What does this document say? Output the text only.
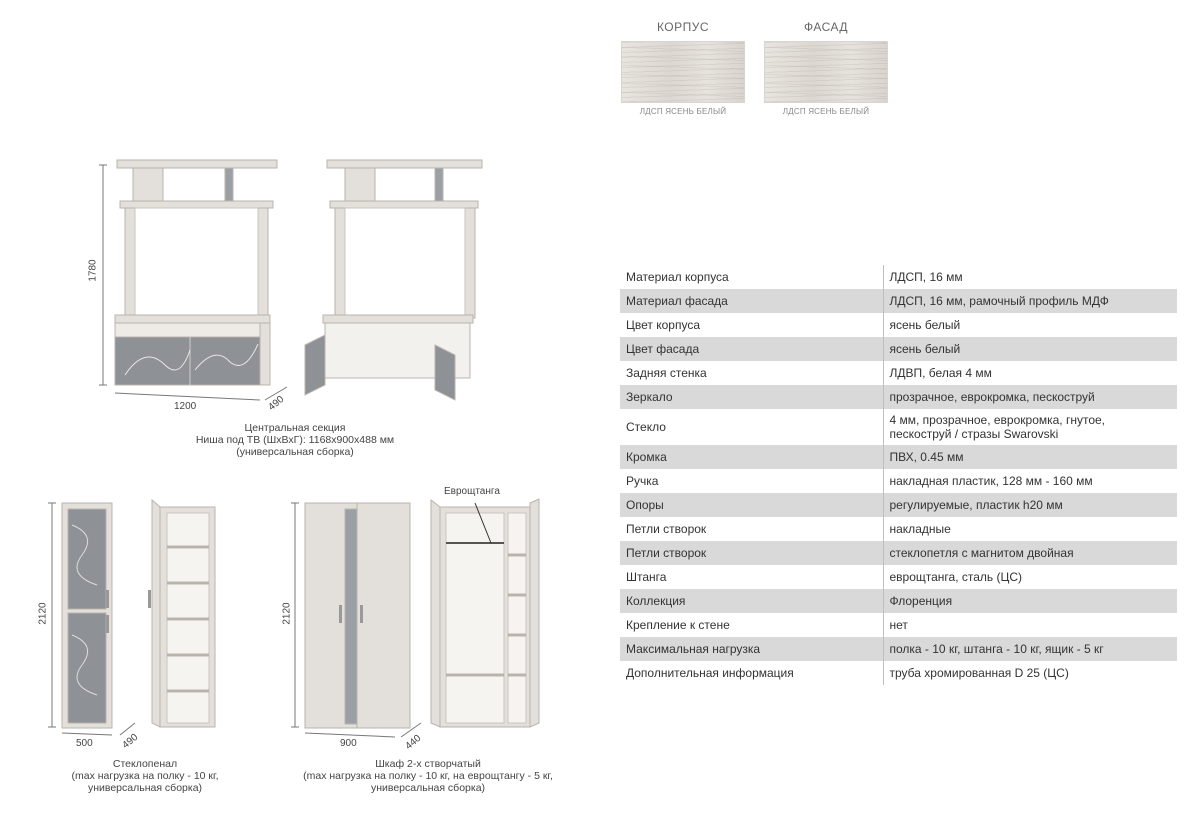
КОРПУС
ЛДСП ЯСЕНЬ БЕЛЫЙ
ФАСАД
ЛДСП ЯСЕНЬ БЕЛЫЙ
1780
1200	490
Центральная секция
Ниша под ТВ (ШхВхГ): 1168х900х488 мм
(универсальная сборка)
2120
500	490
Стеклопенал
(max нагрузка на полку - 10 кг,
универсальная сборка)
Еврощтанга
2120
900	440
Шкаф 2-х створчатый
(max нагрузка на полку - 10 кг, на еврощтангу - 5 кг,
универсальная сборка)
Материал корпуса	ЛДСП, 16 мм
Материал фасада	ЛДСП, 16 мм, рамочный профиль МДФ
Цвет корпуса	ясень белый
Цвет фасада	ясень белый
Задняя стенка	ЛДВП, белая 4 мм
Зеркало	прозрачное, еврокромка, пескоструй
Стекло	4 мм, прозрачное, еврокромка, гнутое,
пескоструй / стразы Swarovski
Кромка	ПВХ, 0.45 мм
Ручка	накладная пластик, 128 мм - 160 мм
Опоры	регулируемые, пластик h20 мм
Петли створок	накладные
Петли створок	стеклопетля с магнитом двойная
Штанга	еврощтанга, сталь (ЦС)
Коллекция	Флоренция
Крепление к стене	нет
Максимальная нагрузка	полка - 10 кг, штанга - 10 кг, ящик - 5 кг
Дополнительная информация	труба хромированная D 25 (ЦС)
